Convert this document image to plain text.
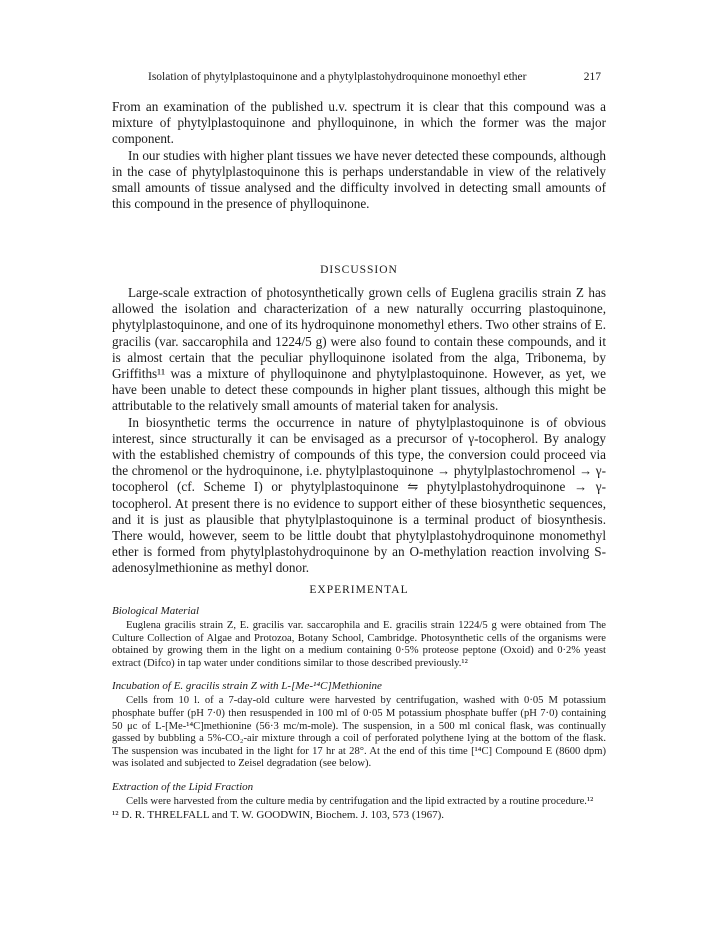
Isolation of phytylplastoquinone and a phytylplastohydroquinone monoethyl ether	217

From an examination of the published u.v. spectrum it is clear that this compound was a mixture of phytylplastoquinone and phylloquinone, in which the former was the major component.

In our studies with higher plant tissues we have never detected these compounds, although in the case of phytylplastoquinone this is perhaps understandable in view of the relatively small amounts of tissue analysed and the difficulty involved in detecting small amounts of this compound in the presence of phylloquinone.

DISCUSSION

Large-scale extraction of photosynthetically grown cells of Euglena gracilis strain Z has allowed the isolation and characterization of a new naturally occurring plastoquinone, phytylplastoquinone, and one of its hydroquinone monomethyl ethers. Two other strains of E. gracilis (var. saccarophila and 1224/5 g) were also found to contain these compounds, and it is almost certain that the peculiar phylloquinone isolated from the alga, Tribonema, by Griffiths¹¹ was a mixture of phylloquinone and phytylplastoquinone. However, as yet, we have been unable to detect these compounds in higher plant tissues, although this might be attributable to the relatively small amounts of material taken for analysis.

In biosynthetic terms the occurrence in nature of phytylplastoquinone is of obvious interest, since structurally it can be envisaged as a precursor of γ-tocopherol. By analogy with the established chemistry of compounds of this type, the conversion could proceed via the chromenol or the hydroquinone, i.e. phytylplastoquinone → phytylplastochromenol → γ-tocopherol (cf. Scheme I) or phytylplastoquinone ⇋ phytylplastohydroquinone → γ-tocopherol. At present there is no evidence to support either of these biosynthetic sequences, and it is just as plausible that phytylplastoquinone is a terminal product of biosynthesis. There would, however, seem to be little doubt that phytylplastohydroquinone monomethyl ether is formed from phytylplastohydroquinone by an O-methylation reaction involving S-adenosylmethionine as methyl donor.

EXPERIMENTAL
Biological Material

Euglena gracilis strain Z, E. gracilis var. saccarophila and E. gracilis strain 1224/5 g were obtained from The Culture Collection of Algae and Protozoa, Botany School, Cambridge. Photosynthetic cells of the organisms were obtained by growing them in the light on a medium containing 0·5% proteose peptone (Oxoid) and 0·2% yeast extract (Difco) in tap water under conditions similar to those described previously.¹²

Incubation of E. gracilis strain Z with L-[Me-¹⁴C]Methionine

Cells from 10 l. of a 7-day-old culture were harvested by centrifugation, washed with 0·05 M potassium phosphate buffer (pH 7·0) then resuspended in 100 ml of 0·05 M potassium phosphate buffer (pH 7·0) containing 50 μc of L-[Me-¹⁴C]methionine (56·3 mc/m-mole). The suspension, in a 500 ml conical flask, was continually gassed by bubbling a 5%-CO₂-air mixture through a coil of perforated polythene lying at the bottom of the flask. The suspension was incubated in the light for 17 hr at 28°. At the end of this time [¹⁴C] Compound E (8600 dpm) was isolated and subjected to Zeisel degradation (see below).

Extraction of the Lipid Fraction

Cells were harvested from the culture media by centrifugation and the lipid extracted by a routine procedure.¹²

¹² D. R. THRELFALL and T. W. GOODWIN, Biochem. J. 103, 573 (1967).
